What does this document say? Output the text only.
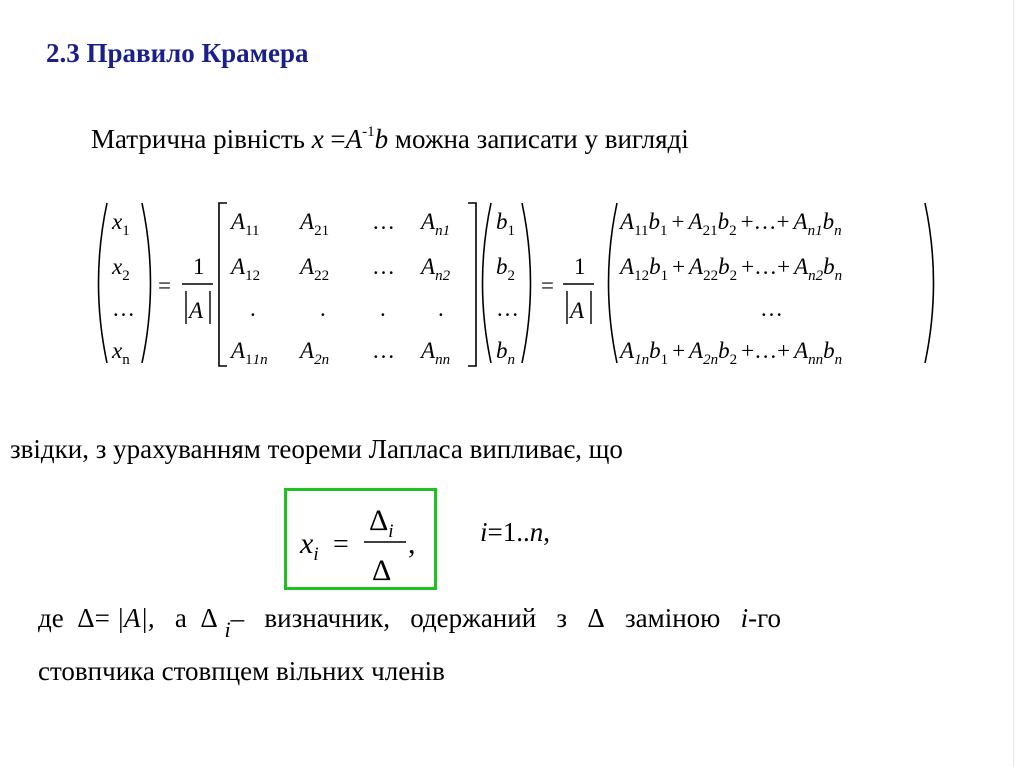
2.3 Правило Крамера
Матрична рівність $x =A^{-1}b$ можна записати у вигляді
$x_1$
$x_2$
…
$x_n$
=
1
A
$A_{11}$ $A_{21}$ … $A_{n1}$
$A_{12}$ $A_{22}$ … $A_{n2}$
.	. . .
$A_11n$ $A_{2n}$ … $A_{nn}$
$b_1$
$b_2$
…
$b_n$
=
1
A
$A_{11}b_1 + A_{21}b_2$ +…+ $A_{n1}b_n$
$A_{12}b_1 + A_{22}b_2$ +…+ $A_{n2}b_n$
…
$A_{1n}b_1 + A_{2n}b_2$ +…+ $A_{nn}b_n$
$x_i$ =
$\Delta_i$
Δ
,
звідки, з урахуванням теореми Лапласа випливає, що
i=1..n,
де Δ= |A|, а Δ $_i$– визначник, одержаний з Δ заміною i-го
стовпчика стовпцем вільних членів
